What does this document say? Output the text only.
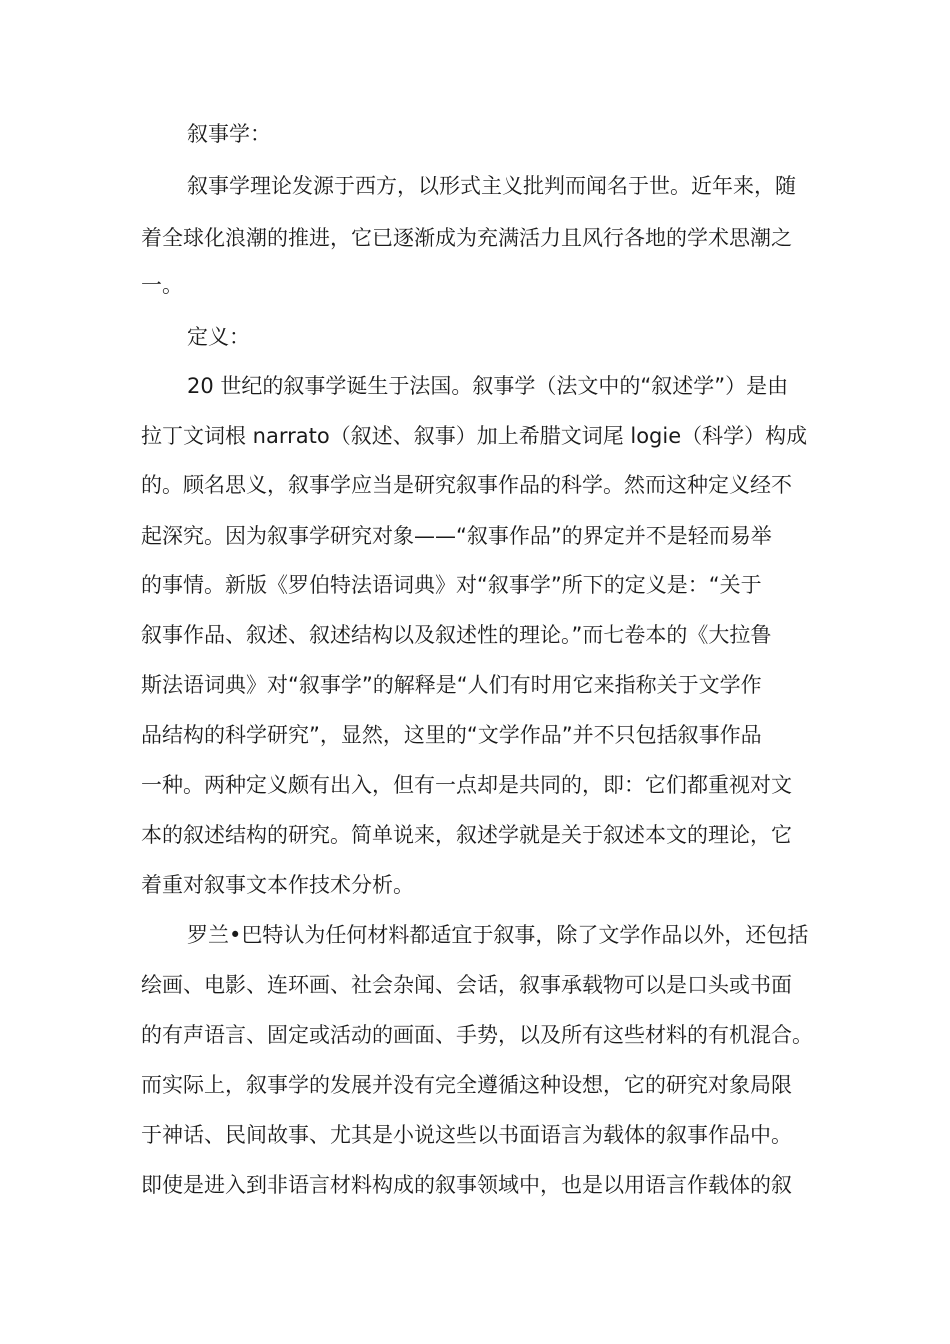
叙事学：
叙事学理论发源于西方，以形式主义批判而闻名于世。近年来，随
着全球化浪潮的推进，它已逐渐成为充满活力且风行各地的学术思潮之
一。
定义：
20 世纪的叙事学诞生于法国。叙事学（法文中的“叙述学”）是由
拉丁文词根 narrato（叙述、叙事）加上希腊文词尾 logie（科学）构成
的。顾名思义，叙事学应当是研究叙事作品的科学。然而这种定义经不
起深究。因为叙事学研究对象——“叙事作品”的界定并不是轻而易举
的事情。新版《罗伯特法语词典》对“叙事学”所下的定义是：“关于
叙事作品、叙述、叙述结构以及叙述性的理论。”而七卷本的《大拉鲁
斯法语词典》对“叙事学”的解释是“人们有时用它来指称关于文学作
品结构的科学研究”，显然，这里的“文学作品”并不只包括叙事作品
一种。两种定义颇有出入，但有一点却是共同的，即：它们都重视对文
本的叙述结构的研究。简单说来，叙述学就是关于叙述本文的理论，它
着重对叙事文本作技术分析。
罗兰•巴特认为任何材料都适宜于叙事，除了文学作品以外，还包括
绘画、电影、连环画、社会杂闻、会话，叙事承载物可以是口头或书面
的有声语言、固定或活动的画面、手势，以及所有这些材料的有机混合。
而实际上，叙事学的发展并没有完全遵循这种设想，它的研究对象局限
于神话、民间故事、尤其是小说这些以书面语言为载体的叙事作品中。
即使是进入到非语言材料构成的叙事领域中，也是以用语言作载体的叙
